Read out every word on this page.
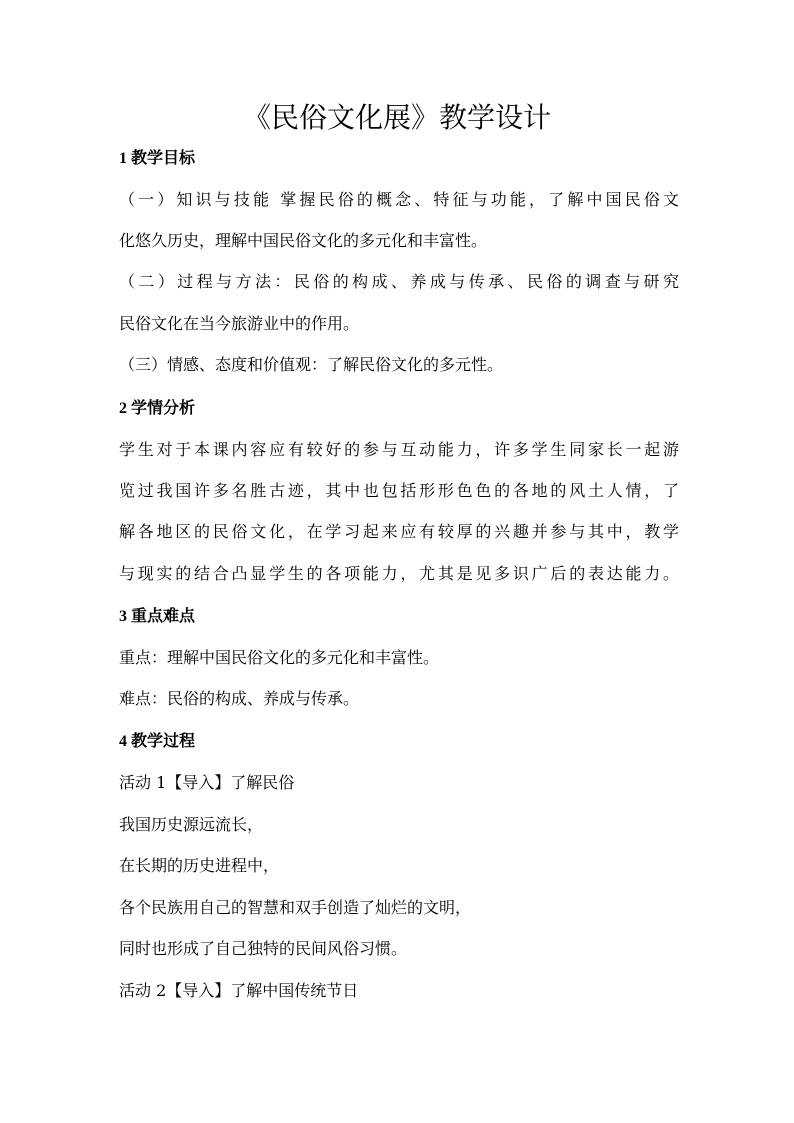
《民俗文化展》教学设计
1 教学目标
（一）知识与技能 掌握民俗的概念、特征与功能，了解中国民俗文
化悠久历史，理解中国民俗文化的多元化和丰富性。
（二）过程与方法：民俗的构成、养成与传承、民俗的调查与研究
民俗文化在当今旅游业中的作用。
（三）情感、态度和价值观：了解民俗文化的多元性。
2 学情分析
学生对于本课内容应有较好的参与互动能力，许多学生同家长一起游
览过我国许多名胜古迹，其中也包括形形色色的各地的风土人情，了
解各地区的民俗文化，在学习起来应有较厚的兴趣并参与其中，教学
与现实的结合凸显学生的各项能力，尤其是见多识广后的表达能力。
3 重点难点
重点：理解中国民俗文化的多元化和丰富性。
难点：民俗的构成、养成与传承。
4 教学过程
活动 1【导入】了解民俗
我国历史源远流长，
在长期的历史进程中，
各个民族用自己的智慧和双手创造了灿烂的文明，
同时也形成了自己独特的民间风俗习惯。
活动 2【导入】了解中国传统节日
